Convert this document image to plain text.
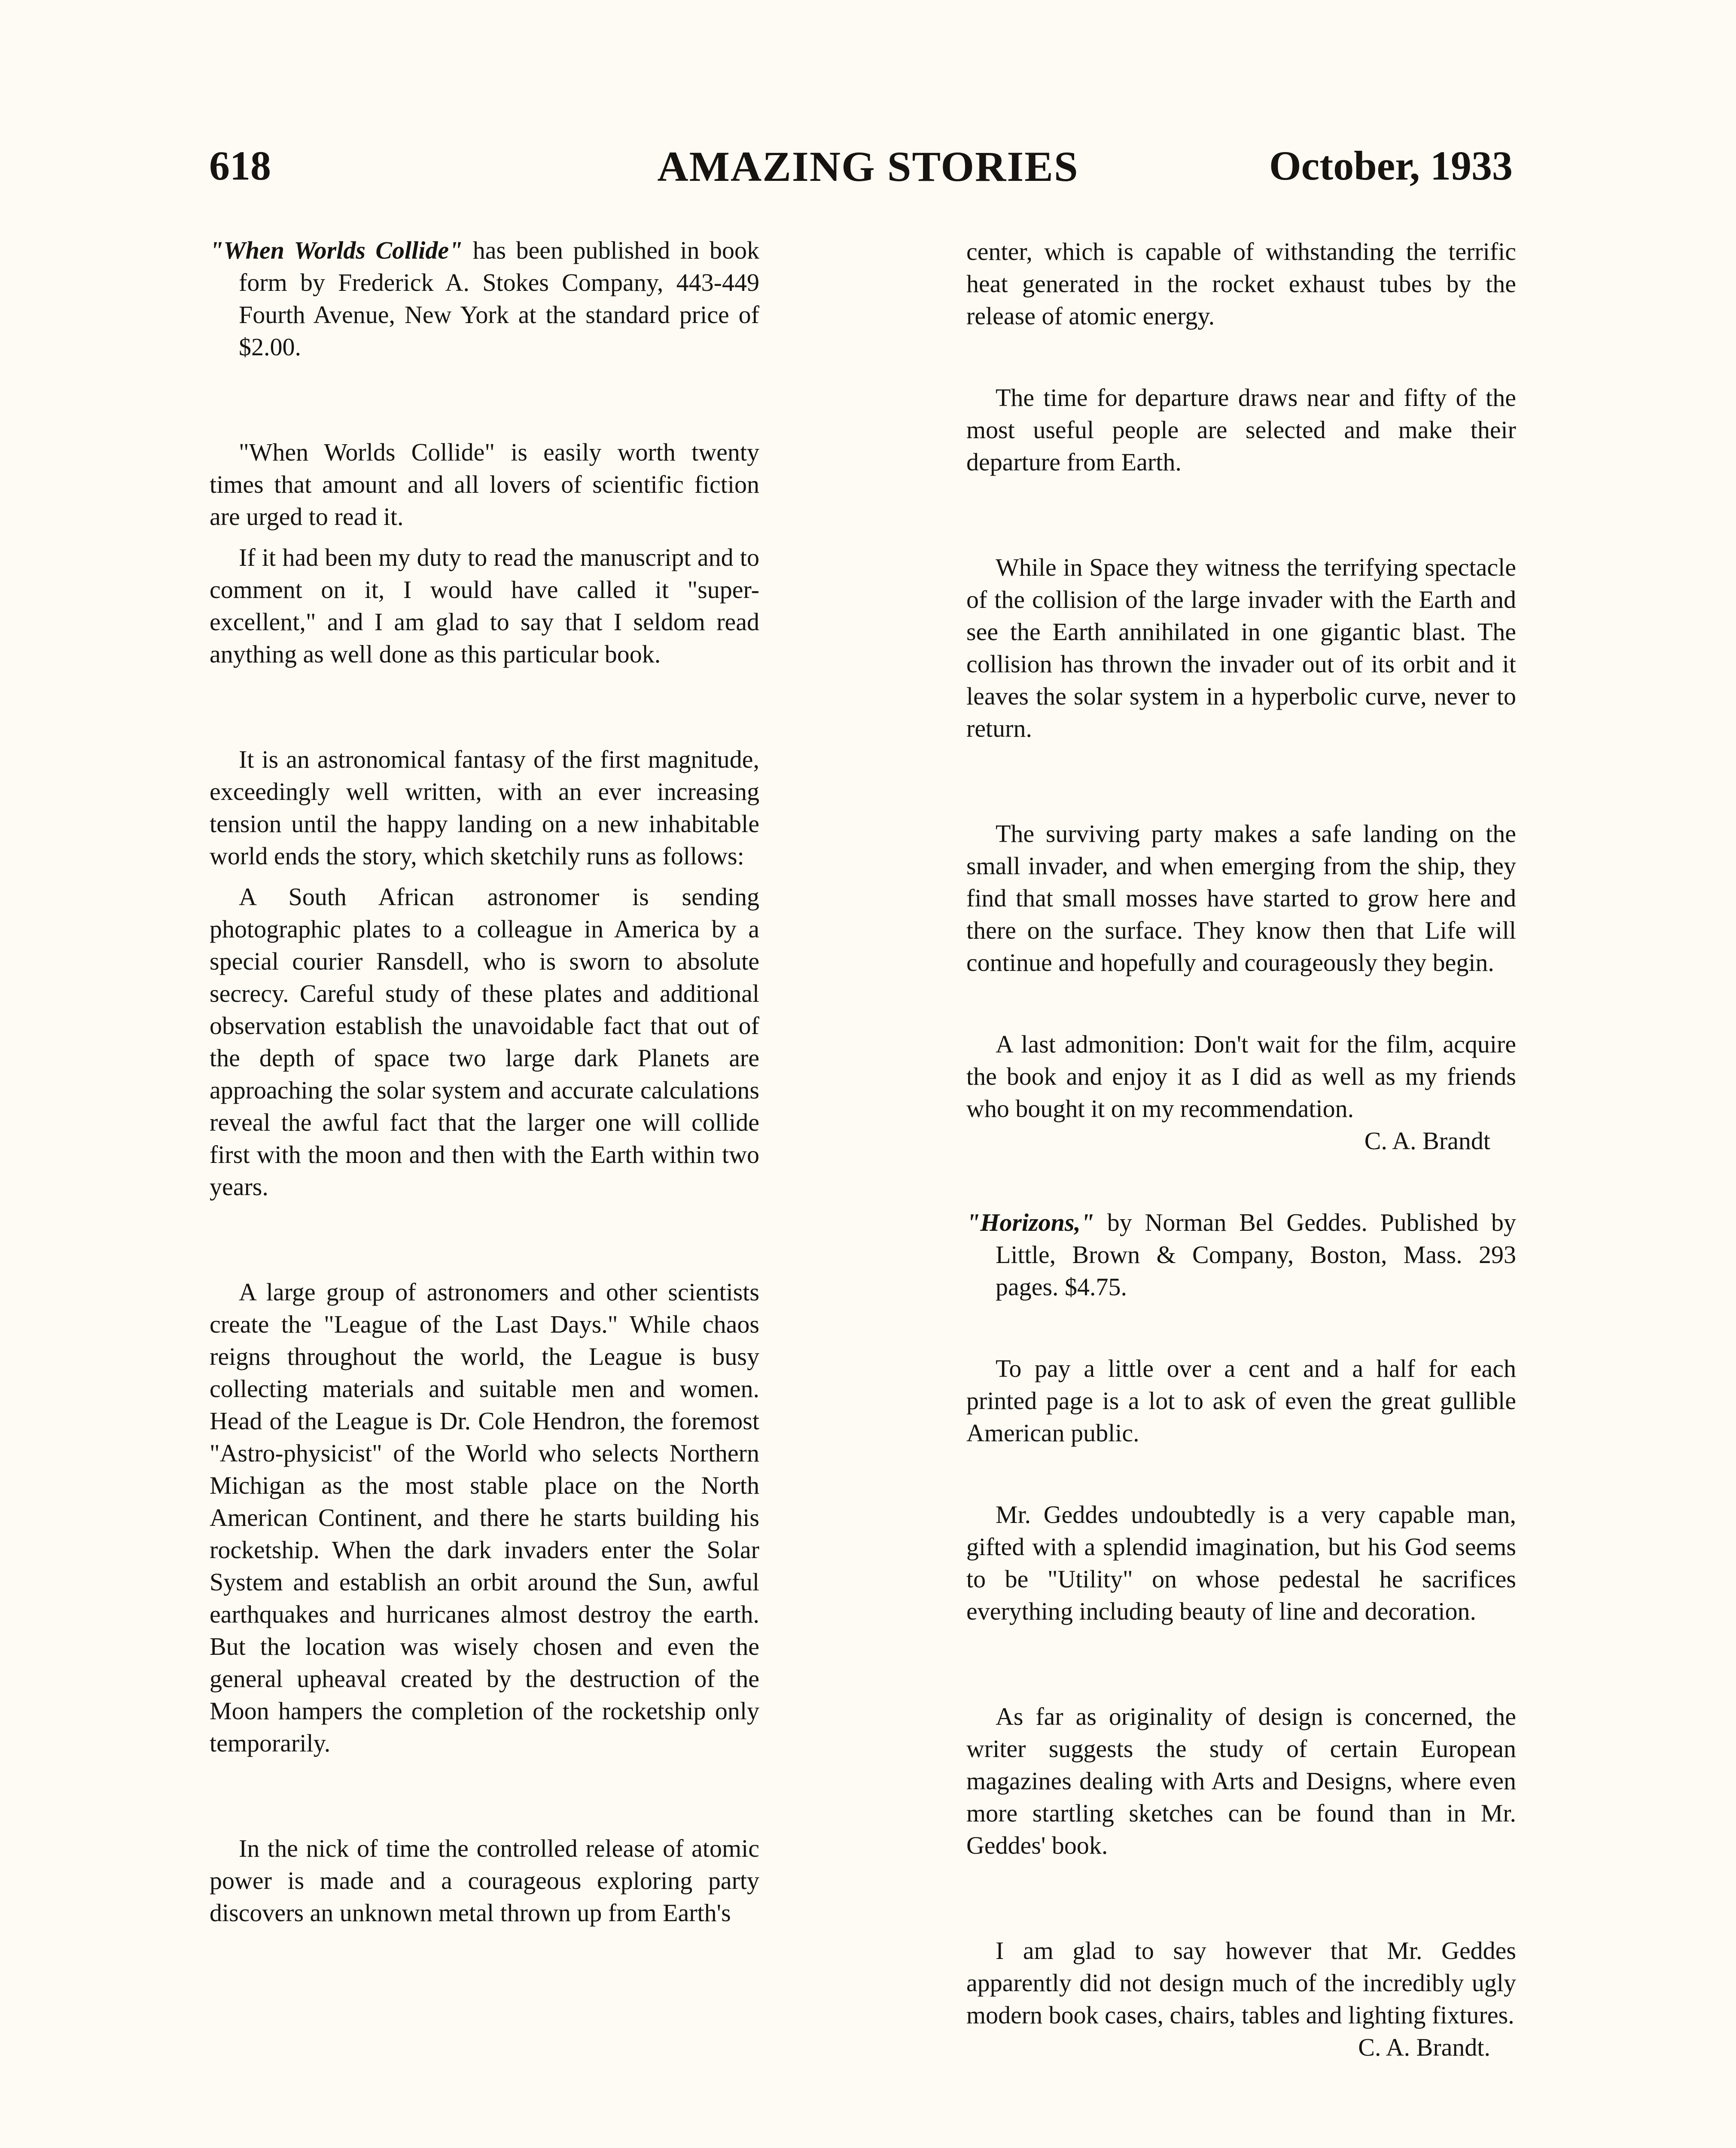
618	AMAZING STORIES	October, 1933

"When Worlds Collide" has been published in book form by Frederick A. Stokes Company, 443-449 Fourth Avenue, New York at the standard price of $2.00.

"When Worlds Collide" is easily worth twenty times that amount and all lovers of scientific fiction are urged to read it.

If it had been my duty to read the manuscript and to comment on it, I would have called it "super-excellent," and I am glad to say that I seldom read anything as well done as this particular book.

It is an astronomical fantasy of the first magnitude, exceedingly well written, with an ever increasing tension until the happy landing on a new inhabitable world ends the story, which sketchily runs as follows:

A South African astronomer is sending photographic plates to a colleague in America by a special courier Ransdell, who is sworn to absolute secrecy. Careful study of these plates and additional observation establish the unavoidable fact that out of the depth of space two large dark Planets are approaching the solar system and accurate calculations reveal the awful fact that the larger one will collide first with the moon and then with the Earth within two years.

A large group of astronomers and other scientists create the "League of the Last Days." While chaos reigns throughout the world, the League is busy collecting materials and suitable men and women. Head of the League is Dr. Cole Hendron, the foremost "Astro-physicist" of the World who selects Northern Michigan as the most stable place on the North American Continent, and there he starts building his rocketship. When the dark invaders enter the Solar System and establish an orbit around the Sun, awful earthquakes and hurricanes almost destroy the earth. But the location was wisely chosen and even the general upheaval created by the destruction of the Moon hampers the completion of the rocketship only temporarily.

In the nick of time the controlled release of atomic power is made and a courageous exploring party discovers an unknown metal thrown up from Earth's

center, which is capable of withstanding the terrific heat generated in the rocket exhaust tubes by the release of atomic energy.

The time for departure draws near and fifty of the most useful people are selected and make their departure from Earth.

While in Space they witness the terrifying spectacle of the collision of the large invader with the Earth and see the Earth annihilated in one gigantic blast. The collision has thrown the invader out of its orbit and it leaves the solar system in a hyperbolic curve, never to return.

The surviving party makes a safe landing on the small invader, and when emerging from the ship, they find that small mosses have started to grow here and there on the surface. They know then that Life will continue and hopefully and courageously they begin.

A last admonition: Don't wait for the film, acquire the book and enjoy it as I did as well as my friends who bought it on my recommendation.

C. A. Brandt

"Horizons," by Norman Bel Geddes. Published by Little, Brown & Company, Boston, Mass. 293 pages. $4.75.

To pay a little over a cent and a half for each printed page is a lot to ask of even the great gullible American public.

Mr. Geddes undoubtedly is a very capable man, gifted with a splendid imagination, but his God seems to be "Utility" on whose pedestal he sacrifices everything including beauty of line and decoration.

As far as originality of design is concerned, the writer suggests the study of certain European magazines dealing with Arts and Designs, where even more startling sketches can be found than in Mr. Geddes' book.

I am glad to say however that Mr. Geddes apparently did not design much of the incredibly ugly modern book cases, chairs, tables and lighting fixtures.

C. A. Brandt.
